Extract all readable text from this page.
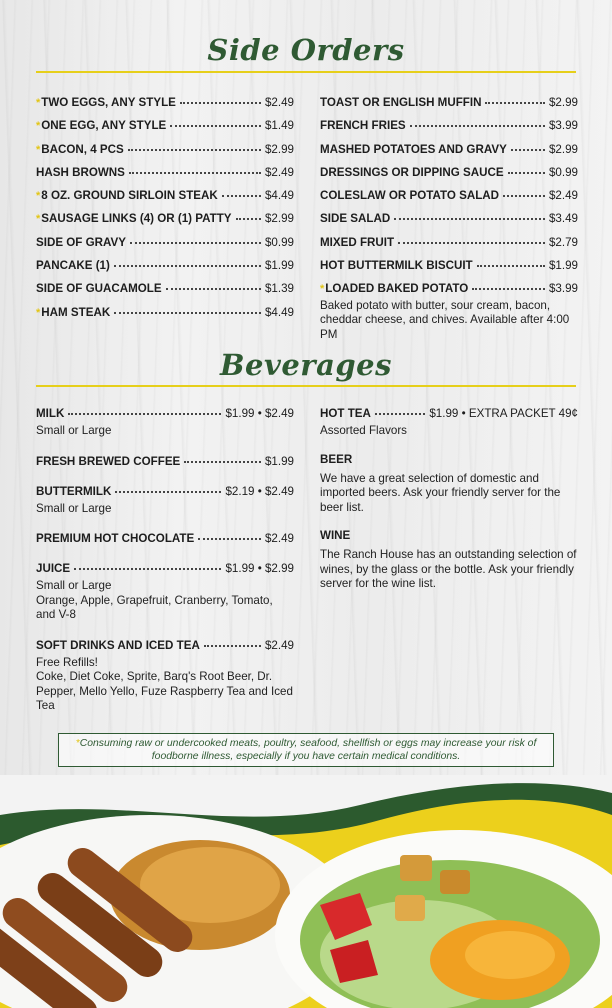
Side Orders
* TWO EGGS, ANY STYLE	$2.49
* ONE EGG, ANY STYLE	$1.49
* BACON, 4 PCS	$2.99
HASH BROWNS	$2.49
* 8 OZ. GROUND SIRLOIN STEAK	$4.49
* SAUSAGE LINKS (4) OR (1) PATTY	$2.99
SIDE OF GRAVY	$0.99
PANCAKE (1)	$1.99
SIDE OF GUACAMOLE	$1.39
* HAM STEAK	$4.49
TOAST OR ENGLISH MUFFIN	$2.99
FRENCH FRIES	$3.99
MASHED POTATOES AND GRAVY	$2.99
DRESSINGS OR DIPPING SAUCE	$0.99
COLESLAW OR POTATO SALAD	$2.49
SIDE SALAD	$3.49
MIXED FRUIT	$2.79
HOT BUTTERMILK BISCUIT	$1.99
* LOADED BAKED POTATO	$3.99
Baked potato with butter, sour cream, bacon, cheddar cheese, and chives. Available after 4:00 PM
Beverages
MILK	$1.99 • $2.49
Small or Large
FRESH BREWED COFFEE	$1.99
BUTTERMILK	$2.19 • $2.49
Small or Large
PREMIUM HOT CHOCOLATE	$2.49
JUICE	$1.99 • $2.99
Small or Large
Orange, Apple, Grapefruit, Cranberry, Tomato, and V-8
SOFT DRINKS AND ICED TEA	$2.49
Free Refills!
Coke, Diet Coke, Sprite, Barq's Root Beer, Dr. Pepper, Mello Yello, Fuze Raspberry Tea and Iced Tea
HOT TEA	$1.99 • EXTRA PACKET 49¢
Assorted Flavors
BEER
We have a great selection of domestic and imported beers. Ask your friendly server for the beer list.
WINE
The Ranch House has an outstanding selection of wines, by the glass or the bottle. Ask your friendly server for the wine list.
*Consuming raw or undercooked meats, poultry, seafood, shellfish or eggs may increase your risk of foodborne illness, especially if you have certain medical conditions.
